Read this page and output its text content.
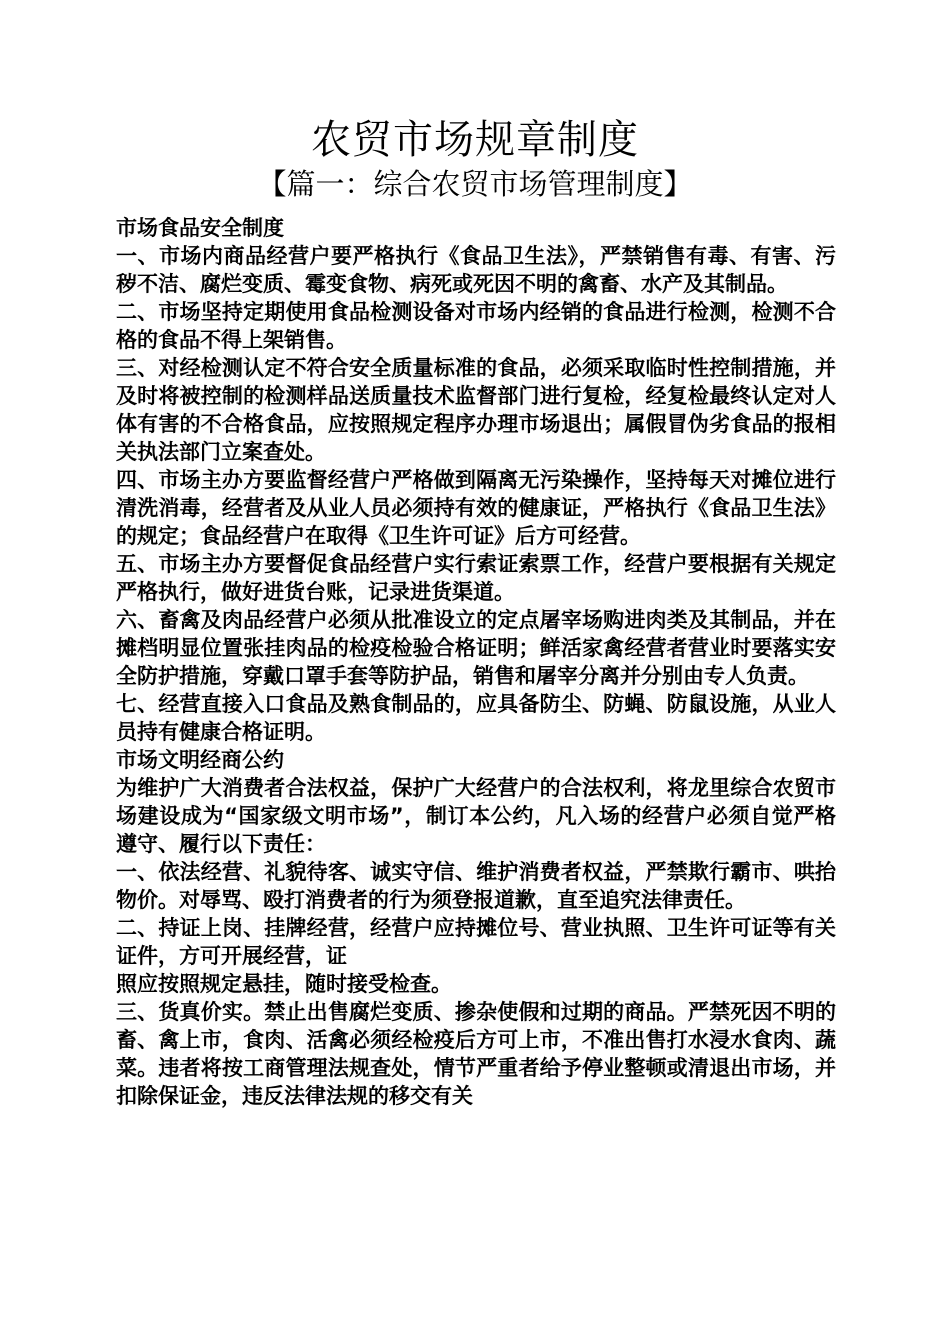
农贸市场规章制度
【篇一：综合农贸市场管理制度】

市场食品安全制度

一、市场内商品经营户要严格执行《食品卫生法》，严禁销售有毒、有害、污秽不洁、腐烂变质、霉变食物、病死或死因不明的禽畜、水产及其制品。

二、市场坚持定期使用食品检测设备对市场内经销的食品进行检测，检测不合格的食品不得上架销售。

三、对经检测认定不符合安全质量标准的食品，必须采取临时性控制措施，并及时将被控制的检测样品送质量技术监督部门进行复检，经复检最终认定对人体有害的不合格食品，应按照规定程序办理市场退出；属假冒伪劣食品的报相关执法部门立案查处。

四、市场主办方要监督经营户严格做到隔离无污染操作，坚持每天对摊位进行清洗消毒，经营者及从业人员必须持有效的健康证，严格执行《食品卫生法》的规定；食品经营户在取得《卫生许可证》后方可经营。

五、市场主办方要督促食品经营户实行索证索票工作，经营户要根据有关规定严格执行，做好进货台账，记录进货渠道。

六、畜禽及肉品经营户必须从批准设立的定点屠宰场购进肉类及其制品，并在摊档明显位置张挂肉品的检疫检验合格证明；鲜活家禽经营者营业时要落实安全防护措施，穿戴口罩手套等防护品，销售和屠宰分离并分别由专人负责。

七、经营直接入口食品及熟食制品的，应具备防尘、防蝇、防鼠设施，从业人员持有健康合格证明。

市场文明经商公约

为维护广大消费者合法权益，保护广大经营户的合法权利，将龙里综合农贸市场建设成为“国家级文明市场”，制订本公约，凡入场的经营户必须自觉严格遵守、履行以下责任：

一、依法经营、礼貌待客、诚实守信、维护消费者权益，严禁欺行霸市、哄抬物价。对辱骂、殴打消费者的行为须登报道歉，直至追究法律责任。

二、持证上岗、挂牌经营，经营户应持摊位号、营业执照、卫生许可证等有关证件，方可开展经营，证

照应按照规定悬挂，随时接受检查。

三、货真价实。禁止出售腐烂变质、掺杂使假和过期的商品。严禁死因不明的畜、禽上市，食肉、活禽必须经检疫后方可上市，不准出售打水浸水食肉、蔬菜。违者将按工商管理法规查处，情节严重者给予停业整顿或清退出市场，并扣除保证金，违反法律法规的移交有关
